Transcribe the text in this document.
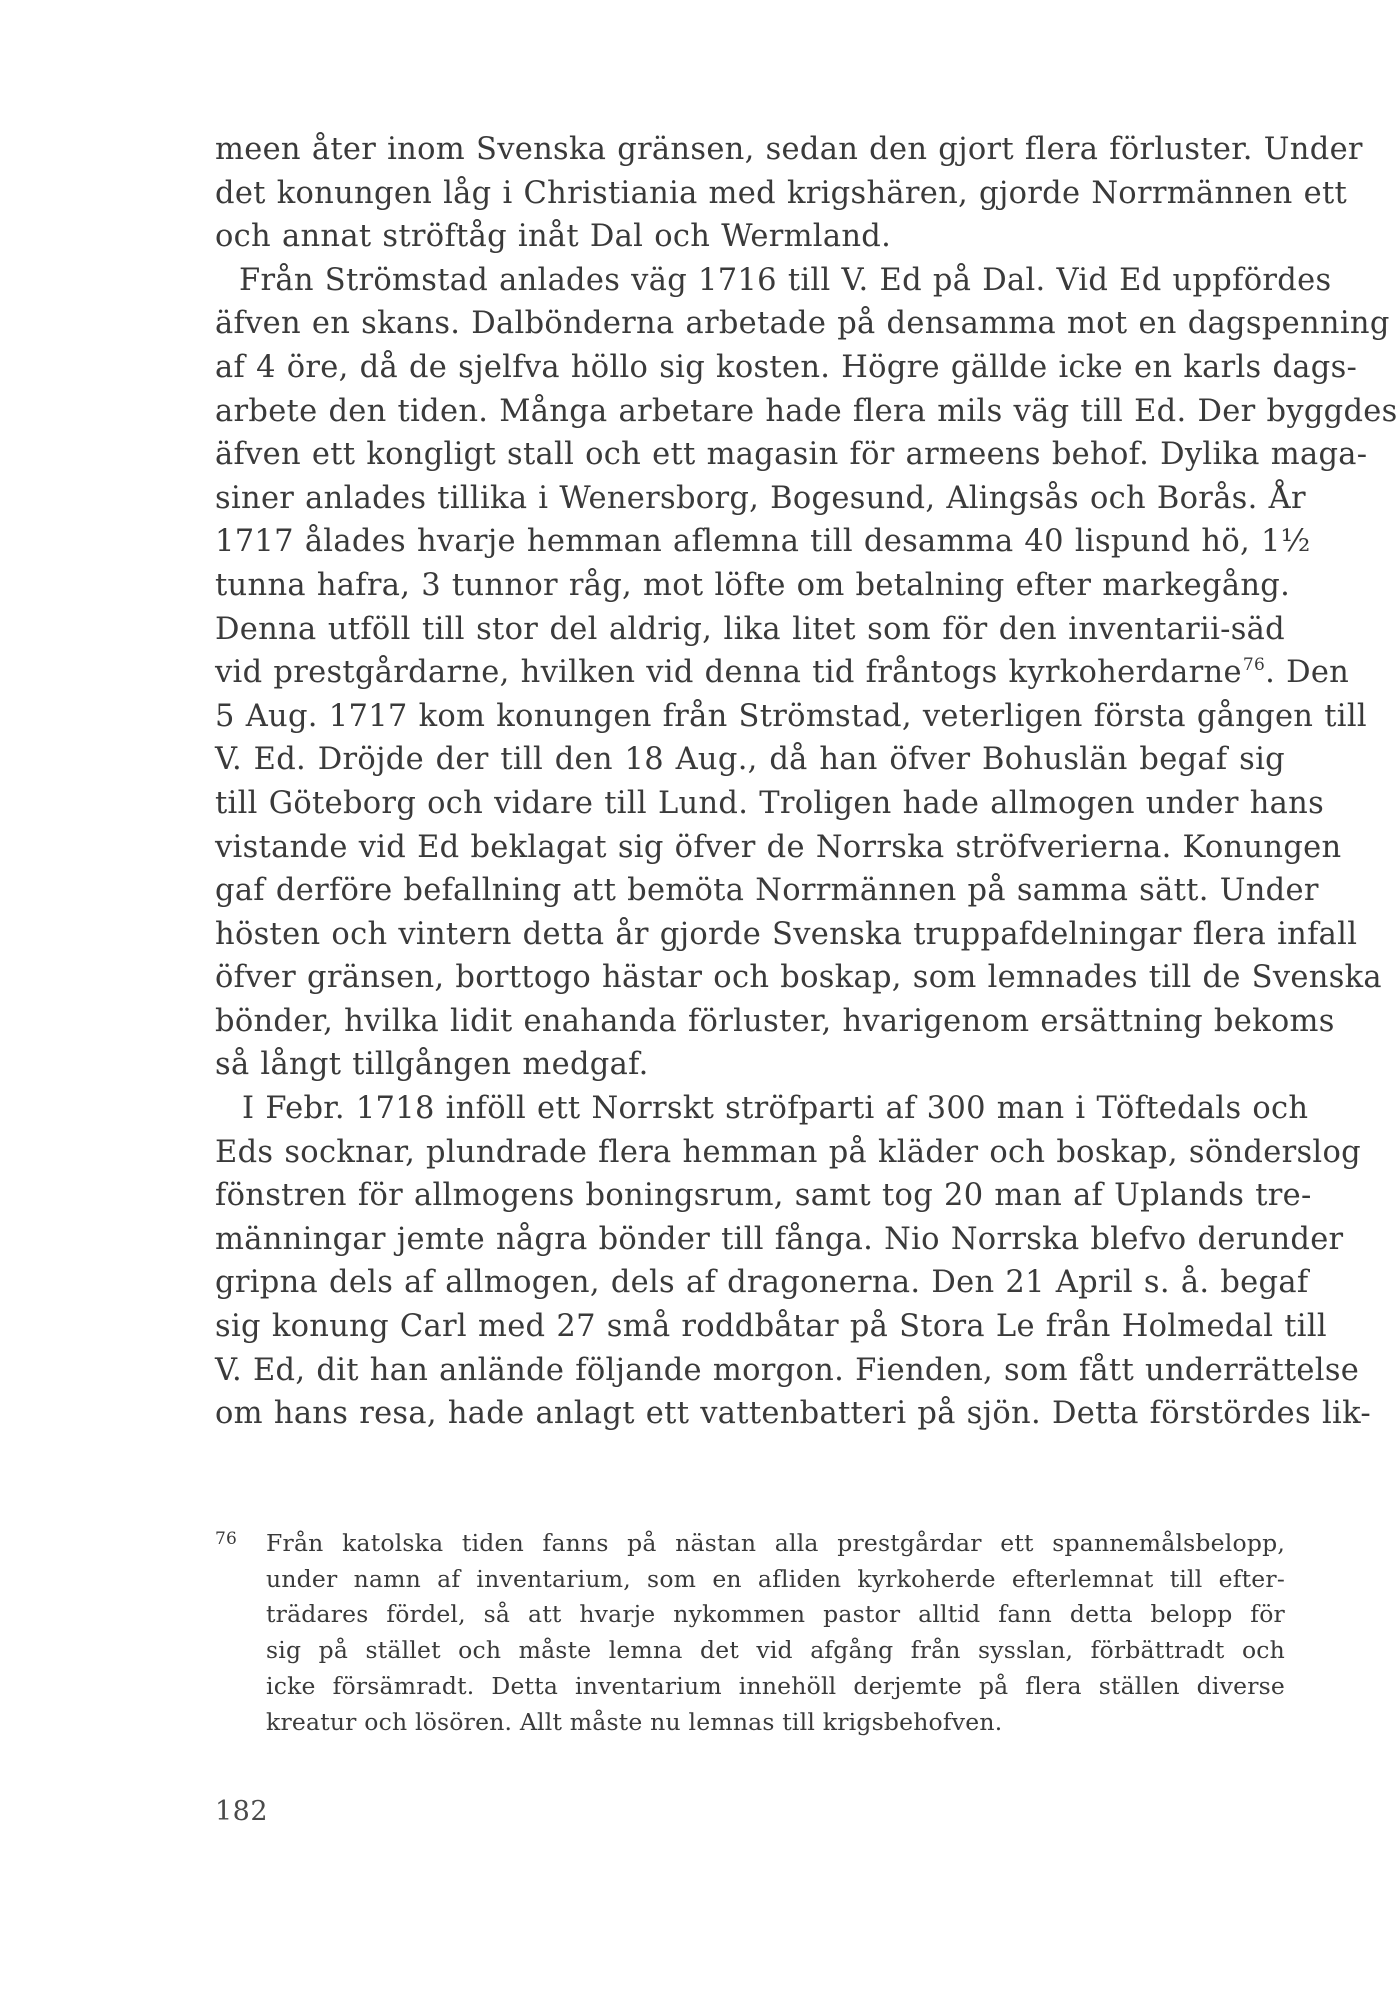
meen åter inom Svenska gränsen, sedan den gjort flera förluster. Under
det konungen låg i Christiania med krigshären, gjorde Norrmännen ett
och annat ströftåg inåt Dal och Wermland.
Från Strömstad anlades väg 1716 till V. Ed på Dal. Vid Ed uppfördes
äfven en skans. Dalbönderna arbetade på densamma mot en dagspenning
af 4 öre, då de sjelfva höllo sig kosten. Högre gällde icke en karls dags-
arbete den tiden. Många arbetare hade flera mils väg till Ed. Der byggdes
äfven ett kongligt stall och ett magasin för armeens behof. Dylika maga-
siner anlades tillika i Wenersborg, Bogesund, Alingsås och Borås. År
1717 ålades hvarje hemman aflemna till desamma 40 lispund hö, 1½
tunna hafra, 3 tunnor råg, mot löfte om betalning efter markegång.
Denna utföll till stor del aldrig, lika litet som för den inventarii-säd
vid prestgårdarne, hvilken vid denna tid fråntogs kyrkoherdarne$^{76}$. Den
5 Aug. 1717 kom konungen från Strömstad, veterligen första gången till
V. Ed. Dröjde der till den 18 Aug., då han öfver Bohuslän begaf sig
till Göteborg och vidare till Lund. Troligen hade allmogen under hans
vistande vid Ed beklagat sig öfver de Norrska ströfverierna. Konungen
gaf derföre befallning att bemöta Norrmännen på samma sätt. Under
hösten och vintern detta år gjorde Svenska truppafdelningar flera infall
öfver gränsen, borttogo hästar och boskap, som lemnades till de Svenska
bönder, hvilka lidit enahanda förluster, hvarigenom ersättning bekoms
så långt tillgången medgaf.
I Febr. 1718 inföll ett Norrskt ströfparti af 300 man i Töftedals och
Eds socknar, plundrade flera hemman på kläder och boskap, sönderslog
fönstren för allmogens boningsrum, samt tog 20 man af Uplands tre-
männingar jemte några bönder till fånga. Nio Norrska blefvo derunder
gripna dels af allmogen, dels af dragonerna. Den 21 April s. å. begaf
sig konung Carl med 27 små roddbåtar på Stora Le från Holmedal till
V. Ed, dit han anlände följande morgon. Fienden, som fått underrättelse
om hans resa, hade anlagt ett vattenbatteri på sjön. Detta förstördes lik-
76 Från katolska tiden fanns på nästan alla prestgårdar ett spannemålsbelopp,
under namn af inventarium, som en afliden kyrkoherde efterlemnat till efter-
trädares fördel, så att hvarje nykommen pastor alltid fann detta belopp för
sig på stället och måste lemna det vid afgång från sysslan, förbättradt och
icke försämradt. Detta inventarium innehöll derjemte på flera ställen diverse
kreatur och lösören. Allt måste nu lemnas till krigsbehofven.
182
